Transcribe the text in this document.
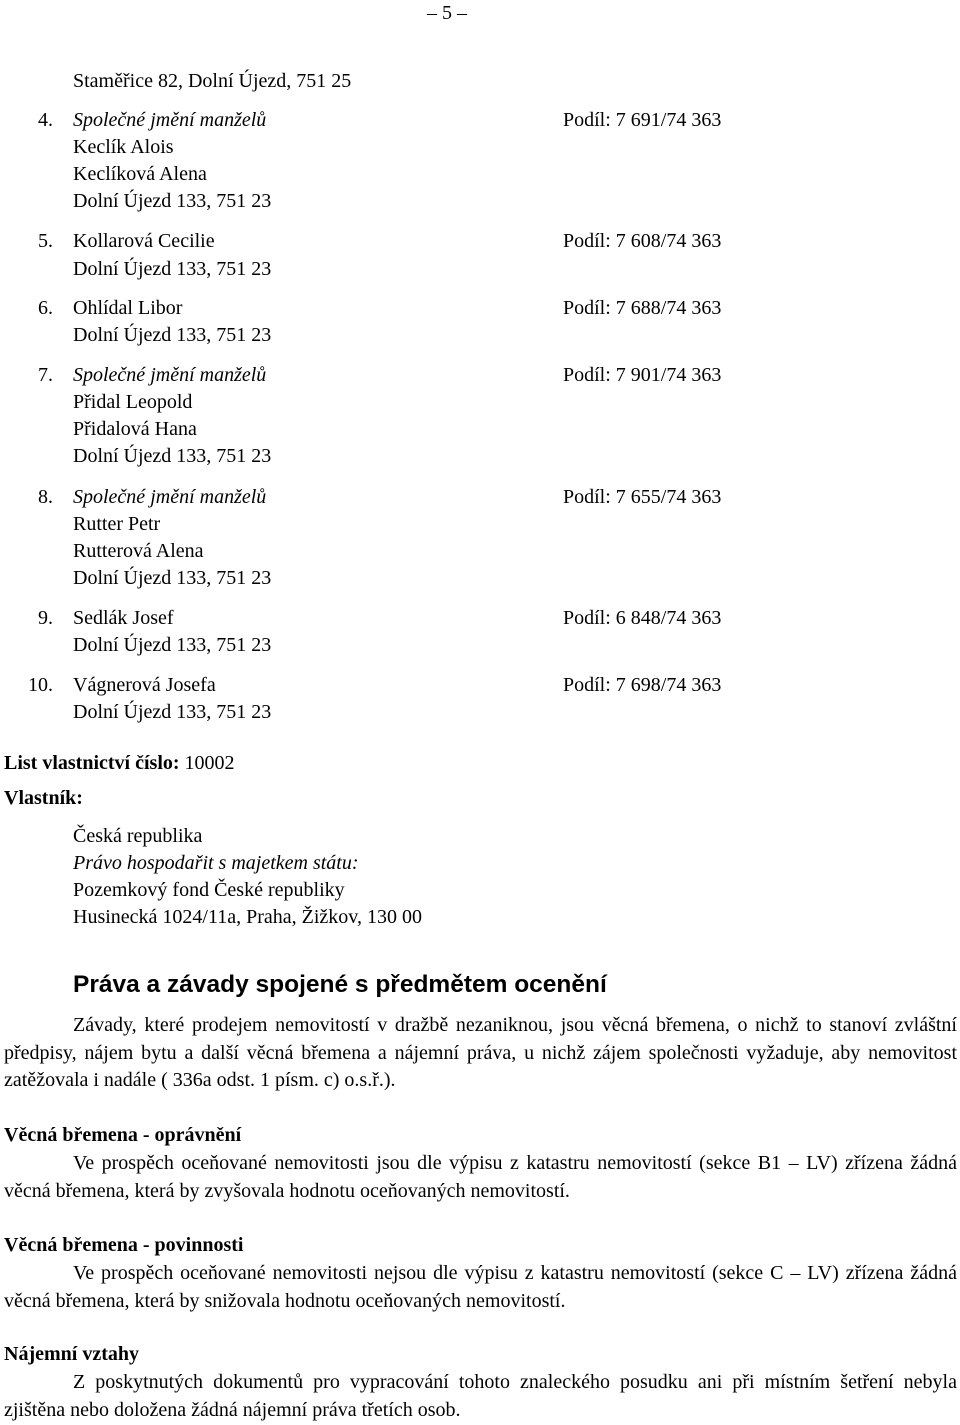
– 5 –
Staměřice 82, Dolní Újezd, 751 25
4. Společné jmění manželů	Podíl: 7 691/74 363
Keclík Alois
Keclíková Alena
Dolní Újezd 133, 751 23
5. Kollarová Cecilie	Podíl: 7 608/74 363
Dolní Újezd 133, 751 23
6. Ohlídal Libor	Podíl: 7 688/74 363
Dolní Újezd 133, 751 23
7. Společné jmění manželů	Podíl: 7 901/74 363
Přidal Leopold
Přidalová Hana
Dolní Újezd 133, 751 23
8. Společné jmění manželů	Podíl: 7 655/74 363
Rutter Petr
Rutterová Alena
Dolní Újezd 133, 751 23
9. Sedlák Josef	Podíl: 6 848/74 363
Dolní Újezd 133, 751 23
10. Vágnerová Josefa	Podíl: 7 698/74 363
Dolní Újezd 133, 751 23
List vlastnictví číslo: 10002
Vlastník:
Česká republika
Právo hospodařit s majetkem státu:
Pozemkový fond České republiky
Husinecká 1024/11a, Praha, Žižkov, 130 00
Práva a závady spojené s předmětem ocenění
Závady, které prodejem nemovitostí v dražbě nezaniknou, jsou věcná břemena, o nichž to stanoví zvláštní předpisy, nájem bytu a další věcná břemena a nájemní práva, u nichž zájem společnosti vyžaduje, aby nemovitost zatěžovala i nadále ( 336a odst. 1 písm. c) o.s.ř.).
Věcná břemena - oprávnění
Ve prospěch oceňované nemovitosti jsou dle výpisu z katastru nemovitostí (sekce B1 – LV) zřízena žádná věcná břemena, která by zvyšovala hodnotu oceňovaných nemovitostí.
Věcná břemena - povinnosti
Ve prospěch oceňované nemovitosti nejsou dle výpisu z katastru nemovitostí (sekce C – LV) zřízena žádná věcná břemena, která by snižovala hodnotu oceňovaných nemovitostí.
Nájemní vztahy
Z poskytnutých dokumentů pro vypracování tohoto znaleckého posudku ani při místním šetření nebyla zjištěna nebo doložena žádná nájemní práva třetích osob.
